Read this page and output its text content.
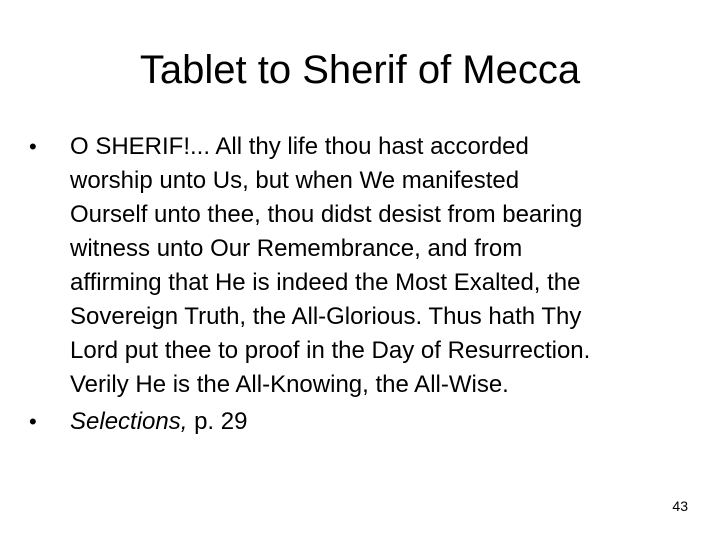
Tablet to Sherif of Mecca
• O SHERIF!... All thy life thou hast accorded
worship unto Us, but when We manifested
Ourself unto thee, thou didst desist from bearing
witness unto Our Remembrance, and from
affirming that He is indeed the Most Exalted, the
Sovereign Truth, the All-Glorious. Thus hath Thy
Lord put thee to proof in the Day of Resurrection.
Verily He is the All-Knowing, the All-Wise.
• Selections, p. 29
43
